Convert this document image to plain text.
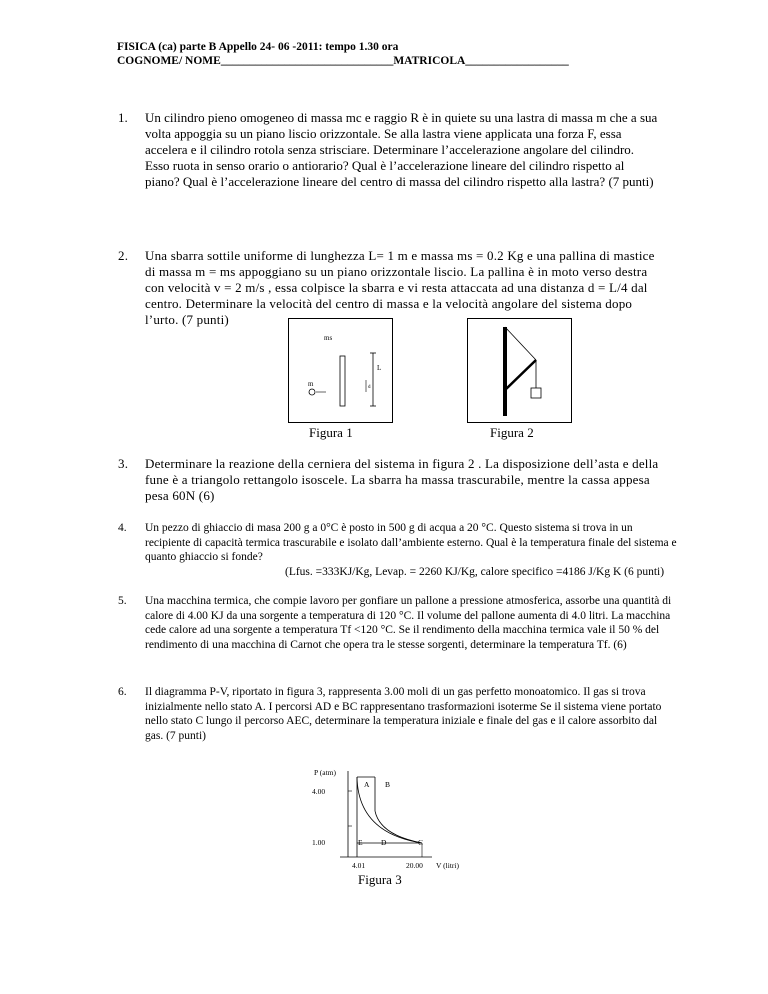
FISICA (ca) parte B Appello 24- 06 -2011: tempo 1.30 ora
COGNOME/ NOME______________________________MATRICOLA__________________
1. Un cilindro pieno omogeneo di massa mc e raggio R è in quiete su una lastra di massa m che a sua volta appoggia su un piano liscio orizzontale. Se alla lastra viene applicata una forza F, essa accelera e il cilindro rotola senza strisciare. Determinare l’accelerazione angolare del cilindro. Esso ruota in senso orario o antiorario? Qual è l’accelerazione lineare del cilindro rispetto al piano? Qual è l’accelerazione lineare del centro di massa del cilindro rispetto alla lastra? (7 punti)
2. Una sbarra sottile uniforme di lunghezza L= 1 m e massa ms = 0.2 Kg e una pallina di mastice di massa m = ms appoggiano su un piano orizzontale liscio. La pallina è in moto verso destra con velocità v = 2 m/s , essa colpisce la sbarra e vi resta attaccata ad una distanza d = L/4 dal centro. Determinare la velocità del centro di massa e la velocità angolare del sistema dopo l’urto. (7 punti)
ms
L
d
m
Figura 1	Figura 2
3. Determinare la reazione della cerniera del sistema in figura 2 . La disposizione dell’asta e della fune è a triangolo rettangolo isoscele. La sbarra ha massa trascurabile, mentre la cassa appesa pesa 60N (6)
4. Un pezzo di ghiaccio di masa 200 g a 0°C è posto in 500 g di acqua a 20 °C. Questo sistema si trova in un recipiente di capacità termica trascurabile e isolato dall’ambiente esterno. Qual è la temperatura finale del sistema e quanto ghiaccio si fonde?
(Lfus. =333KJ/Kg, Levap. = 2260 KJ/Kg, calore specifico =4186 J/Kg K (6 punti)
5. Una macchina termica, che compie lavoro per gonfiare un pallone a pressione atmosferica, assorbe una quantità di calore di 4.00 KJ da una sorgente a temperatura di 120 °C. Il volume del pallone aumenta di 4.0 litri. La macchina cede calore ad una sorgente a temperatura Tf <120 °C. Se il rendimento della macchina termica vale il 50 % del rendimento di una macchina di Carnot che opera tra le stesse sorgenti, determinare la temperatura Tf. (6)
6. Il diagramma P-V, riportato in figura 3, rappresenta 3.00 moli di un gas perfetto monoatomico. Il gas si trova inizialmente nello stato A. I percorsi AD e BC rappresentano trasformazioni isoterme Se il sistema viene portato nello stato C lungo il percorso AEC, determinare la temperatura iniziale e finale del gas e il calore assorbito dal gas. (7 punti)
P (atm)
4.00
1.00
4.01	20.00 V (litri)
A B
E D	C
Figura 3
